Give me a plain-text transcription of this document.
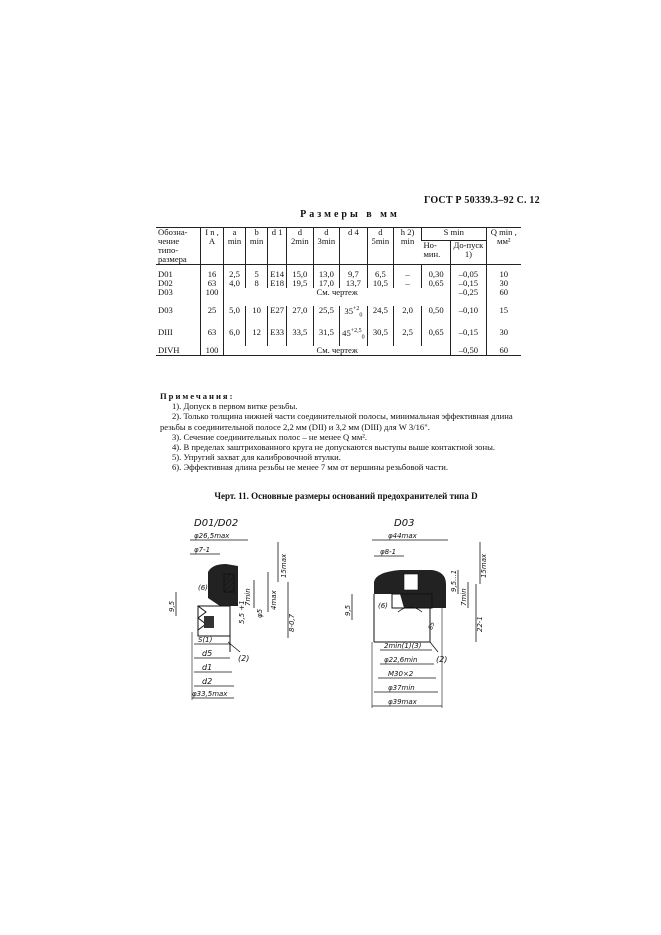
ГОСТ Р 50339.3–92 С. 12
Размеры в мм
Обозна-чение типо-размера	I n , A	a min	b min	d 1	d 2min	d 3min	d 4	d 5min	h 2) min	S min		Q min , мм²
										Но-мин.	До-пуск 1)	

D01	16	2,5	5	E14	15,0	13,0	9,7	6,5	–	0,30	–0,05	10
D02	63	4,0	8	E18	19,5	17,0	13,7	10,5	–	0,65	–0,15	30
D03	100	См. чертеж									–0,25	60
D03	25	5,0	10	E27	27,0	25,5	$35^{+2}_0$	24,5	2,0	0,50	–0,10	15
DIII	63	6,0	12	E33	33,5	31,5	$45^{+2,5}_0$	30,5	2,5	0,65	–0,15	30
DIVH	100	См. чертеж									–0,50	60
Примечания:

1). Допуск в первом витке резьбы.

2). Только толщина нижней части соединительной полосы, минимальная эффективная длина резьбы в соединительной полосе 2,2 мм (DII) и 3,2 мм (DIII) для W 3/16".

3). Сечение соединительных полос – не менее Q мм².

4). В пределах заштрихованного круга не допускаются выступы выше контактной зоны.

5). Упругий захват для калибровочной втулки.

6). Эффективная длина резьбы не менее 7 мм от вершины резьбовой части.

Черт. 11. Основные размеры оснований предохранителей типа D
D01/D02
φ26,5max
φ7-1
15max
4max
7min
φ5
5,5 +1	8-0,7
(6)
9,5
S(1)
d5
d1
d2
(2)
φ33,5max
D03
φ44max
φ8-1
15max
9,5...1
7min
22-1
9,5	(6)
85
2min(1)(3)
φ22,6min
M30×2
φ37min
φ39max
(2)
